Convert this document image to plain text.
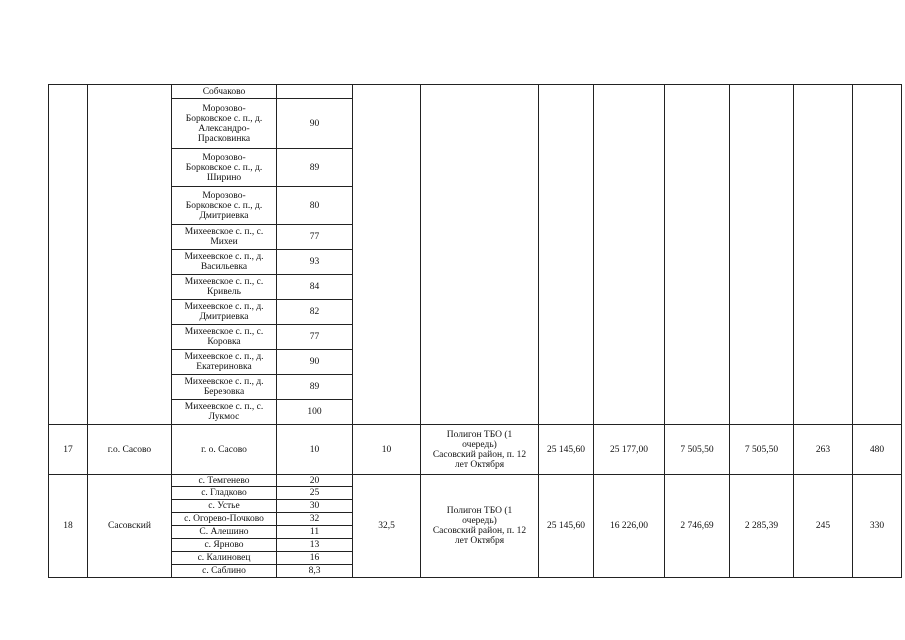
		Собчаково									

		Морозово-
Борковское с. п., д.
Александро-
Прасковинка	90								

		Морозово-
Борковское с. п., д.
Ширино	89								

		Морозово-
Борковское с. п., д.
Дмитриевка	80								

		Михеевское с. п., с.
Михеи	77								

		Михеевское с. п., д.
Васильевка	93								

		Михеевское с. п., с.
Кривель	84								

		Михеевское с. п., д.
Дмитриевка	82								

		Михеевское с. п., с.
Коровка	77								

		Михеевское с. п., д.
Екатериновка	90								

		Михеевское с. п., д.
Березовка	89								

		Михеевское с. п., с.
Лукмос	100								
17	г.о. Сасово	г. о. Сасово	10	10	Полигон ТБО (1
очередь)
Сасовский район, п. 12
лет Октября	25 145,60	25 177,00	7 505,50	7 505,50	263	480
18	Сасовский	с. Темгенево	20	32,5	Полигон ТБО (1
очередь)
Сасовский район, п. 12
лет Октября	25 145,60	16 226,00	2 746,69	2 285,39	245	330
		с. Гладково	25								
		с. Устье	30								
		с. Огорево-Почково	32								
		С. Алешино	11								
		с. Ярново	13								
		с. Калиновец	16								
		с. Саблино	8,3								
